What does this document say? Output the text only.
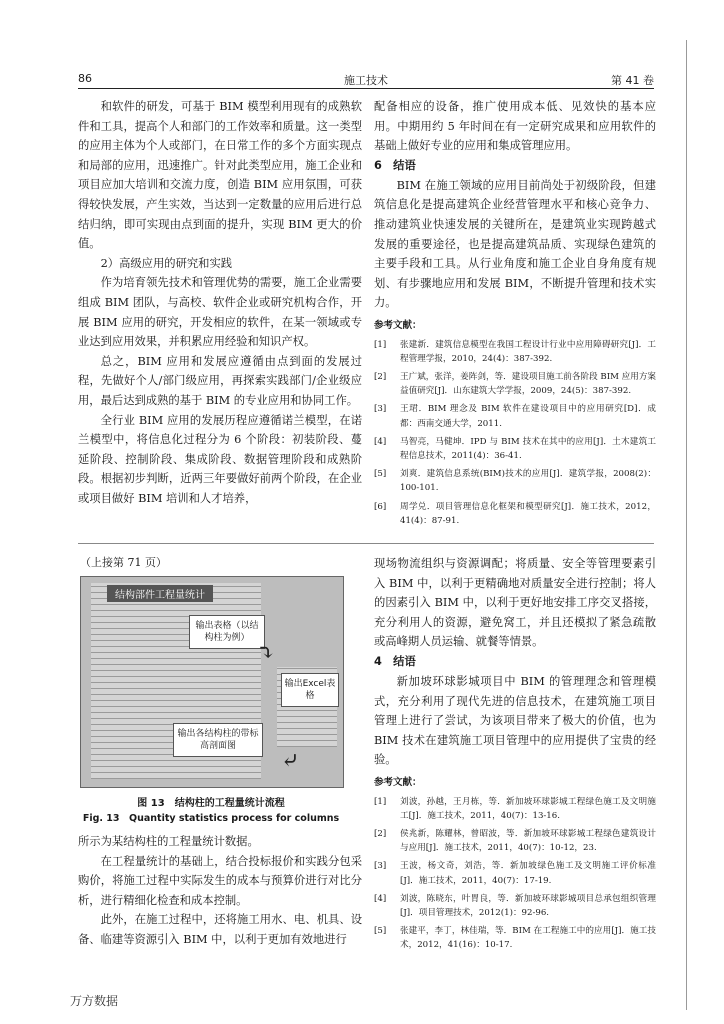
86	施工技术	第 41 卷

和软件的研发，可基于 BIM 模型利用现有的成熟软件和工具，提高个人和部门的工作效率和质量。这一类型的应用主体为个人或部门，在日常工作的多个方面实现点和局部的应用，迅速推广。针对此类型应用，施工企业和项目应加大培训和交流力度，创造 BIM 应用氛围，可获得较快发展，产生实效，当达到一定数量的应用后进行总结归纳，即可实现由点到面的提升，实现 BIM 更大的价值。

2）高级应用的研究和实践

作为培育领先技术和管理优势的需要，施工企业需要组成 BIM 团队，与高校、软件企业或研究机构合作，开展 BIM 应用的研究，开发相应的软件，在某一领域或专业达到应用效果，并积累应用经验和知识产权。

总之，BIM 应用和发展应遵循由点到面的发展过程，先做好个人/部门级应用，再探索实践部门/企业级应用，最后达到成熟的基于 BIM 的专业应用和协同工作。

全行业 BIM 应用的发展历程应遵循诺兰模型，在诺兰模型中，将信息化过程分为 6 个阶段：初装阶段、蔓延阶段、控制阶段、集成阶段、数据管理阶段和成熟阶段。根据初步判断，近两三年要做好前两个阶段，在企业或项目做好 BIM 培训和人才培养，

配备相应的设备，推广使用成本低、见效快的基本应用。中期用约 5 年时间在有一定研究成果和应用软件的基础上做好专业的应用和集成管理应用。

6　结语

BIM 在施工领域的应用目前尚处于初级阶段，但建筑信息化是提高建筑企业经营管理水平和核心竞争力、推动建筑业快速发展的关键所在，是建筑业实现跨越式发展的重要途径，也是提高建筑品质、实现绿色建筑的主要手段和工具。从行业角度和施工企业自身角度有规划、有步骤地应用和发展 BIM，不断提升管理和技术实力。

参考文献：
[1]	张建新．建筑信息模型在我国工程设计行业中应用障碍研究[J]．工程管理学报，2010，24(4)：387-392.
[2]	王广斌，张洋，姜阵剑，等．建设项目施工前各阶段 BIM 应用方案益值研究[J]．山东建筑大学学报，2009，24(5)：387-392.
[3]	王珺．BIM 理念及 BIM 软件在建设项目中的应用研究[D]．成都：西南交通大学，2011.
[4]	马智亮，马健坤．IPD 与 BIM 技术在其中的应用[J]．土木建筑工程信息技术，2011(4)：36-41.
[5]	刘爽．建筑信息系统(BIM)技术的应用[J]．建筑学报，2008(2)：100-101.
[6]	周学兑．项目管理信息化框架和模型研究[J]．施工技术，2012，41(4)：87-91.
（上接第 71 页）
结构部件工程量统计
输出表格（以结构柱为例）
输出Excel表格
输出各结构柱的带标高剖面图
⤵
⤶
图 13　结构柱的工程量统计流程
Fig. 13　Quantity statistics process for columns

所示为某结构柱的工程量统计数据。

在工程量统计的基础上，结合投标报价和实践分包采购价，将施工过程中实际发生的成本与预算价进行对比分析，进行精细化检查和成本控制。

此外，在施工过程中，还将施工用水、电、机具、设备、临建等资源引入 BIM 中，以利于更加有效地进行

现场物流组织与资源调配；将质量、安全等管理要素引入 BIM 中，以利于更精确地对质量安全进行控制；将人的因素引入 BIM 中，以利于更好地安排工序交叉搭接，充分利用人的资源，避免窝工，并且还模拟了紧急疏散或高峰期人员运输、就餐等情景。

4　结语

新加坡环球影城项目中 BIM 的管理理念和管理模式，充分利用了现代先进的信息技术，在建筑施工项目管理上进行了尝试，为该项目带来了极大的价值，也为 BIM 技术在建筑施工项目管理中的应用提供了宝贵的经验。

参考文献：
[1]	刘波，孙越，王月栋，等．新加坡环球影城工程绿色施工及文明施工[J]．施工技术，2011，40(7)：13-16.
[2]	侯兆新，陈耀林，曾昭波，等．新加坡环球影城工程绿色建筑设计与应用[J]．施工技术，2011，40(7)：10-12，23.
[3]	王波，杨文奇，刘浩，等．新加坡绿色施工及文明施工评价标准[J]．施工技术，2011，40(7)：17-19.
[4]	刘波，陈晓东，叶胃良，等．新加坡环球影城项目总承包组织管理[J]．项目管理技术，2012(1)：92-96.
[5]	张建平，李丁，林佳瑞，等．BIM 在工程施工中的应用[J]．施工技术，2012，41(16)：10-17.
万方数据
